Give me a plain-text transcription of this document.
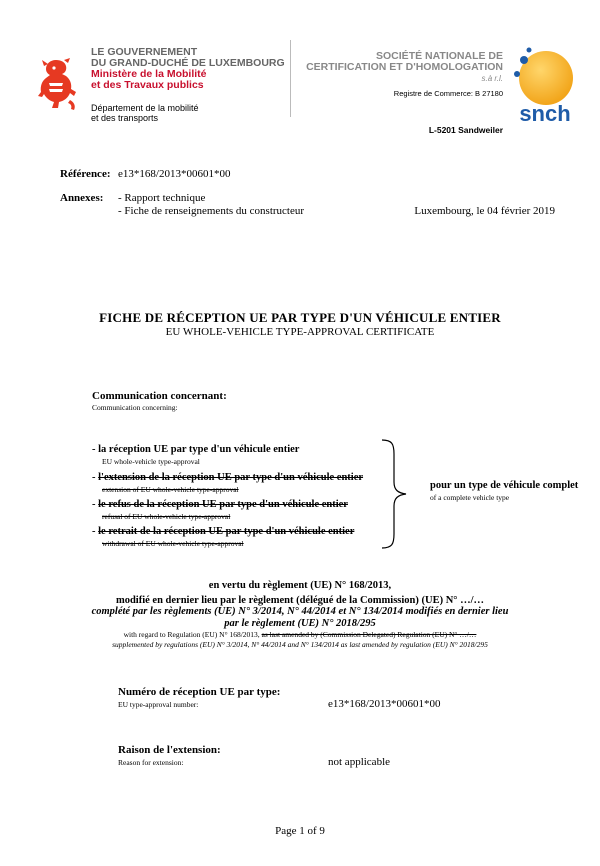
LE GOUVERNEMENT
DU GRAND-DUCHÉ DE LUXEMBOURG
Ministère de la Mobilité
et des Travaux publics
Département de la mobilité
et des transports
SOCIÉTÉ NATIONALE DE
CERTIFICATION ET D'HOMOLOGATION
s.à r.l.
Registre de Commerce: B 27180
L-5201 Sandweiler
snch
Référence: e13*168/2013*00601*00
Annexes: - Rapport technique
- Fiche de renseignements du constructeur	Luxembourg, le 04 février 2019
FICHE DE RÉCEPTION UE PAR TYPE D'UN VÉHICULE ENTIER
EU WHOLE-VEHICLE TYPE-APPROVAL CERTIFICATE
Communication concernant:
Communication concerning:
- la réception UE par type d'un véhicule entier
EU whole-vehicle type-approval
- l'extension de la réception UE par type d'un véhicule entier
extension of EU whole-vehicle type-approval
- le refus de la réception UE par type d'un véhicule entier
refusal of EU whole-vehicle type-approval
- le retrait de la réception UE par type d'un véhicule entier
withdrawal of EU whole-vehicle type-approval
pour un type de véhicule complet
of a complete vehicle type
en vertu du règlement (UE) N° 168/2013,
modifié en dernier lieu par le règlement (délégué de la Commission) (UE) N° …/…
complété par les règlements (UE) N° 3/2014, N° 44/2014 et N° 134/2014 modifiés en dernier lieu
par le règlement (UE) N° 2018/295
with regard to Regulation (EU) N° 168/2013, as last amended by (Commission Delegated) Regulation (EU) N° …/…
supplemented by regulations (EU) N° 3/2014, N° 44/2014 and N° 134/2014 as last amended by regulation (EU) N° 2018/295
Numéro de réception UE par type:
EU type-approval number:	e13*168/2013*00601*00
Raison de l'extension:
Reason for extension:	not applicable
Page 1 of 9
